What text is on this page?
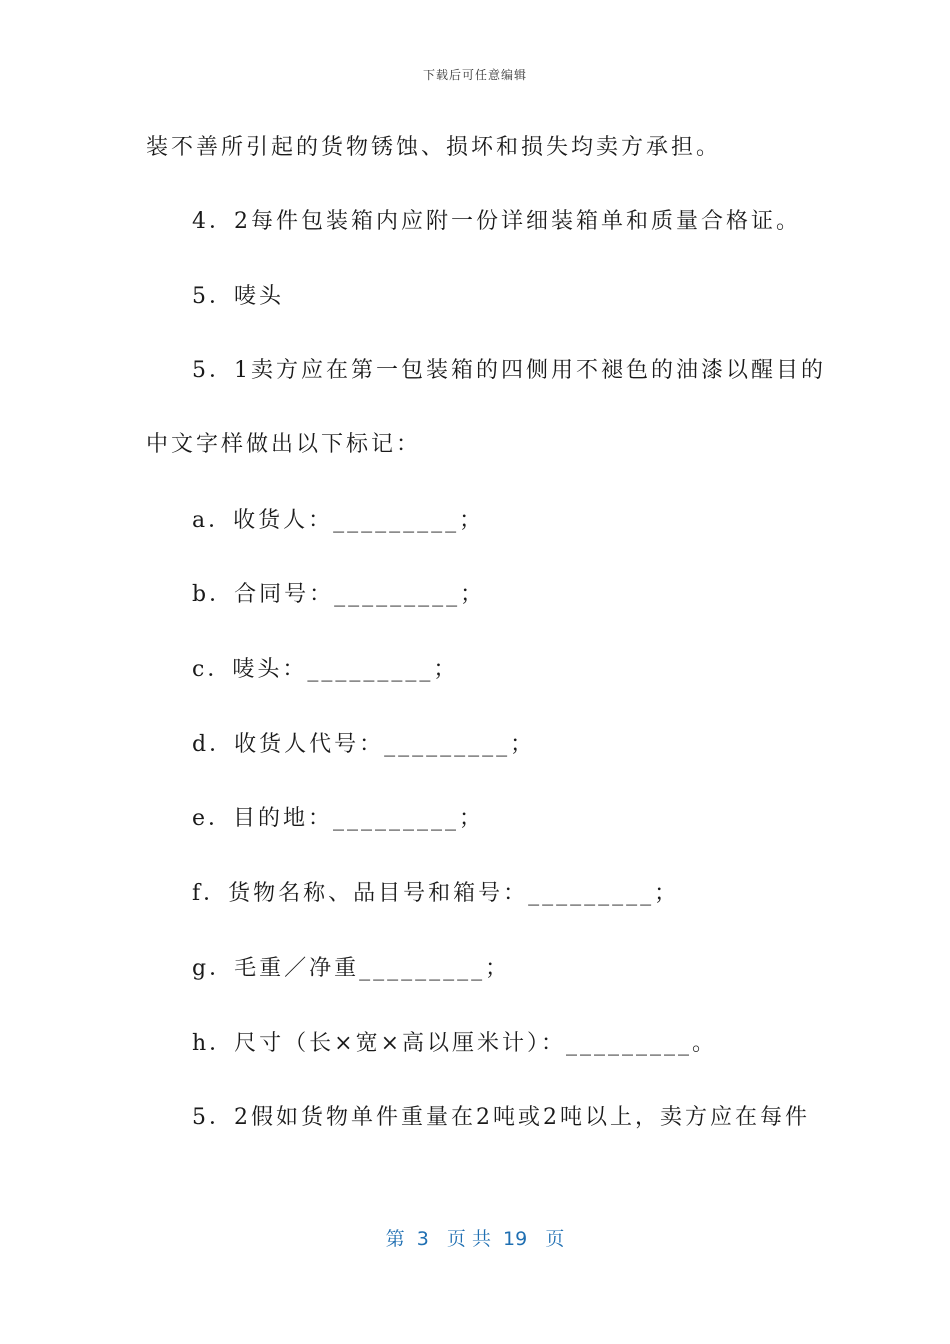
下载后可任意编辑
装不善所引起的货物锈蚀、损坏和损失均卖方承担。
4．2每件包装箱内应附一份详细装箱单和质量合格证。
5．唛头
5．1卖方应在第一包装箱的四侧用不褪色的油漆以醒目的
中文字样做出以下标记：
a．收货人：_________；
b．合同号：_________；
c．唛头：_________；
d．收货人代号：_________；
e．目的地：_________；
f．货物名称、品目号和箱号：_________；
g．毛重／净重_________；
h．尺寸（长×宽×高以厘米计）：_________。
5．2假如货物单件重量在2吨或2吨以上，卖方应在每件
第  3   页 共  19   页
